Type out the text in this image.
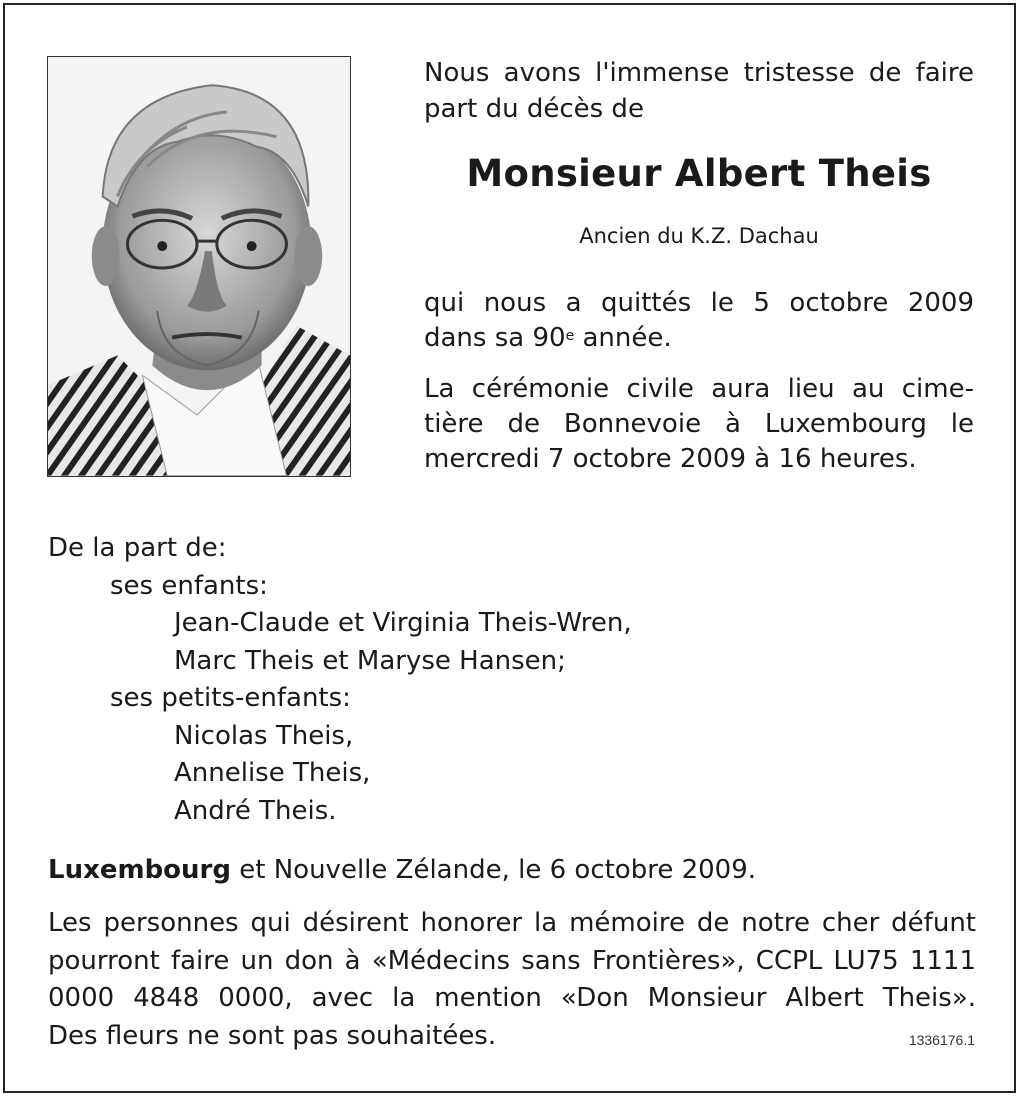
Nous avons l'immense tristesse de faire
part du décès de

Monsieur Albert Theis

Ancien du K.Z. Dachau

qui nous a quittés le 5 octobre 2009
dans sa 90e année.

La cérémonie civile aura lieu au cime-
tière de Bonnevoie à Luxembourg le
mercredi 7 octobre 2009 à 16 heures.

De la part de:
ses enfants:
Jean-Claude et Virginia Theis-Wren,
Marc Theis et Maryse Hansen;
ses petits-enfants:
Nicolas Theis,
Annelise Theis,
André Theis.

Luxembourg et Nouvelle Zélande, le 6 octobre 2009.

Les personnes qui désirent honorer la mémoire de notre cher défunt
pourront faire un don à «Médecins sans Frontières», CCPL LU75 1111
0000 4848 0000, avec la mention «Don Monsieur Albert Theis».
Des fleurs ne sont pas souhaitées.	1336176.1
